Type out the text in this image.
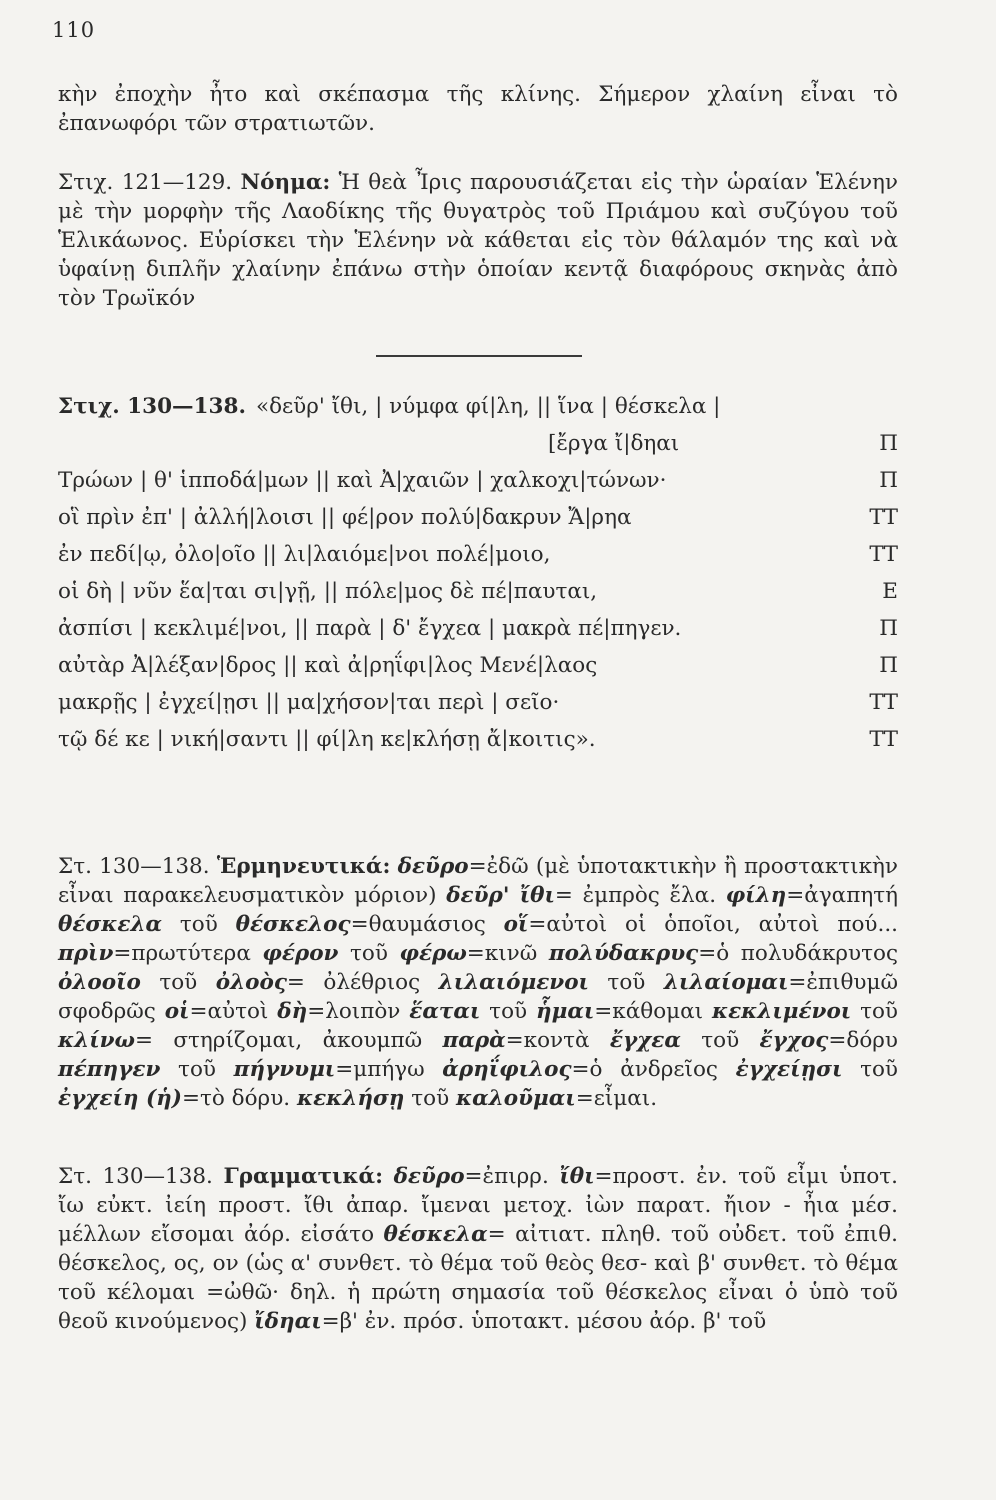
110
κὴν ἐποχὴν ἦτο καὶ σκέπασμα τῆς κλίνης. Σήμερον χλαίνη εἶναι τὸ ἐπανωφόρι τῶν στρατιωτῶν.
Στιχ. 121—129. Νόημα: Ἡ θεὰ Ἶρις παρουσιάζεται εἰς τὴν ὡραίαν Ἑλένην μὲ τὴν μορφὴν τῆς Λαοδίκης τῆς θυγατρὸς τοῦ Πριάμου καὶ συζύγου τοῦ Ἑλικάωνος. Εὑρίσκει τὴν Ἑλένην νὰ κάθεται εἰς τὸν θάλαμόν της καὶ νὰ ὑφαίνῃ διπλῆν χλαίνην ἐπάνω στὴν ὁποίαν κεντᾷ διαφόρους σκηνὰς ἀπὸ τὸν Τρωϊκόν
Στιχ. 130—138. «δεῦρ' ἴθι, | νύμφα φί|λη, || ἵνα | θέσκελα |
[ἔργα ἴ|δηαι	Π
Τρώων | θ' ἱπποδά|μων || καὶ Ἀ|χαιῶν | χαλκοχι|τώνων·	Π
οἳ πρὶν ἐπ' | ἀλλή|λοισι || φέ|ρον πολύ|δακρυν Ἄ|ρηα	ΤΤ
ἐν πεδί|ῳ, ὀλο|οῖο || λι|λαιόμε|νοι πολέ|μοιο,	ΤΤ
οἱ δὴ | νῦν ἕα|ται σι|γῇ, || πόλε|μος δὲ πέ|παυται,	Ε
ἀσπίσι | κεκλιμέ|νοι, || παρὰ | δ' ἔγχεα | μακρὰ πέ|πηγεν.	Π
αὐτὰρ Ἀ|λέξαν|δρος || καὶ ἀ|ρηΐφι|λος Μενέ|λαος	Π
μακρῇς | ἐγχεί|ῃσι || μα|χήσον|ται περὶ | σεῖο·	ΤΤ
τῷ δέ κε | νική|σαντι || φί|λη κε|κλήσῃ ἄ|κοιτις».	ΤΤ
Στ. 130—138. Ἑρμηνευτικά: δεῦρο=ἐδῶ (μὲ ὑποτακτικὴν ἢ προστακτικὴν εἶναι παρακελευσματικὸν μόριον) δεῦρ' ἴθι= ἐμπρὸς ἔλα. φίλη=ἀγαπητή θέσκελα τοῦ θέσκελος=θαυμάσιος οἵ=αὐτοὶ οἱ ὁποῖοι, αὐτοὶ πού... πρὶν=πρωτύτερα φέρον τοῦ φέρω=κινῶ πολύδακρυς=ὁ πολυδάκρυτος ὀλοοῖο τοῦ ὀλοὸς= ὀλέθριος λιλαιόμενοι τοῦ λιλαίομαι=ἐπιθυμῶ σφοδρῶς οἱ=αὐτοὶ δὴ=λοιπὸν ἕαται τοῦ ἧμαι=κάθομαι κεκλιμένοι τοῦ κλίνω= στηρίζομαι, ἀκουμπῶ παρὰ=κοντὰ ἔγχεα τοῦ ἔγχος=δόρυ πέπηγεν τοῦ πήγνυμι=μπήγω ἀρηΐφιλος=ὁ ἀνδρεῖος ἐγχείῃσι τοῦ ἐγχείη (ἡ)=τὸ δόρυ. κεκλήσῃ τοῦ καλοῦμαι=εἶμαι.
Στ. 130—138. Γραμματικά: δεῦρο=ἐπιρρ. ἴθι=προστ. ἐν. τοῦ εἶμι ὑποτ. ἴω εὐκτ. ἰείη προστ. ἴθι ἀπαρ. ἴμεναι μετοχ. ἰὼν παρατ. ἤιον - ἦια μέσ. μέλλων εἴσομαι ἀόρ. εἰσάτο θέσκελα= αἰτιατ. πληθ. τοῦ οὐδετ. τοῦ ἐπιθ. θέσκελος, ος, ον (ὡς α' συνθετ. τὸ θέμα τοῦ θεὸς θεσ- καὶ β' συνθετ. τὸ θέμα τοῦ κέλομαι =ὠθῶ· δηλ. ἡ πρώτη σημασία τοῦ θέσκελος εἶναι ὁ ὑπὸ τοῦ θεοῦ κινούμενος) ἴδηαι=β' ἐν. πρόσ. ὑποτακτ. μέσου ἀόρ. β' τοῦ
